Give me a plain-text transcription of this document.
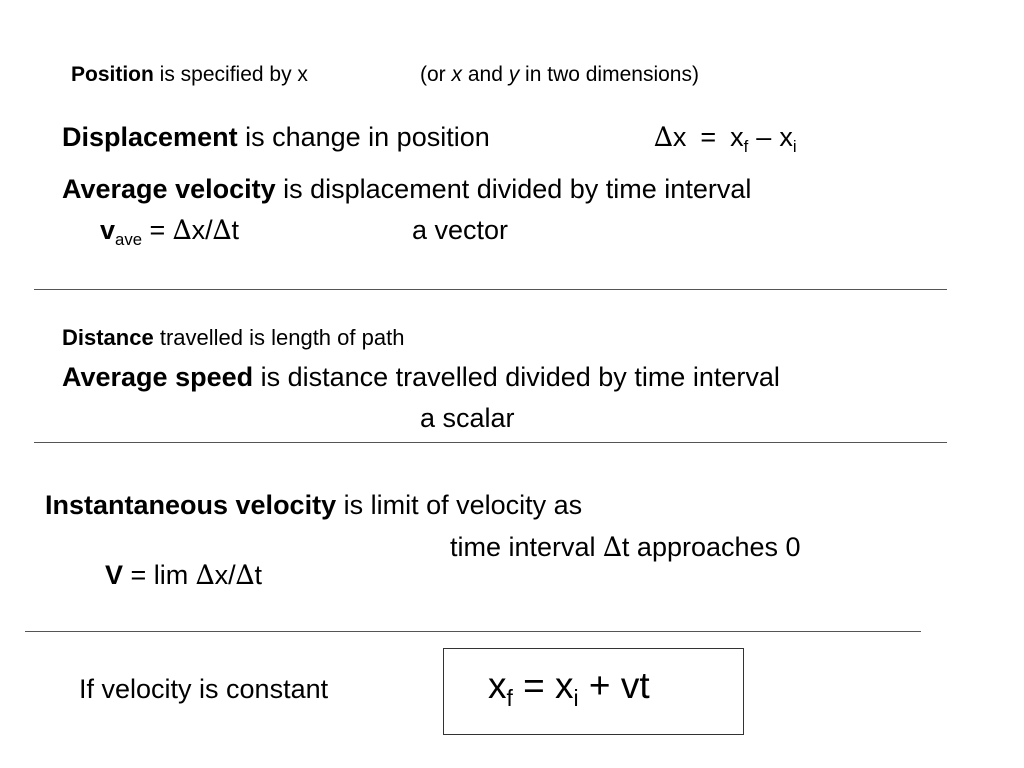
Position is specified by x	(or x and y in two dimensions)
Displacement is change in position	$\Delta x = x_f - x_i$
Average velocity is displacement divided by time interval
$v_{ave} = \Delta x/\Delta t$	a vector
Distance travelled is length of path
Average speed is distance travelled divided by time interval
a scalar
Instantaneous velocity is limit of velocity as
time interval ∆t approaches 0
V = lim ∆x/∆t
If velocity is constant	$x_f = x_i$ + vt
